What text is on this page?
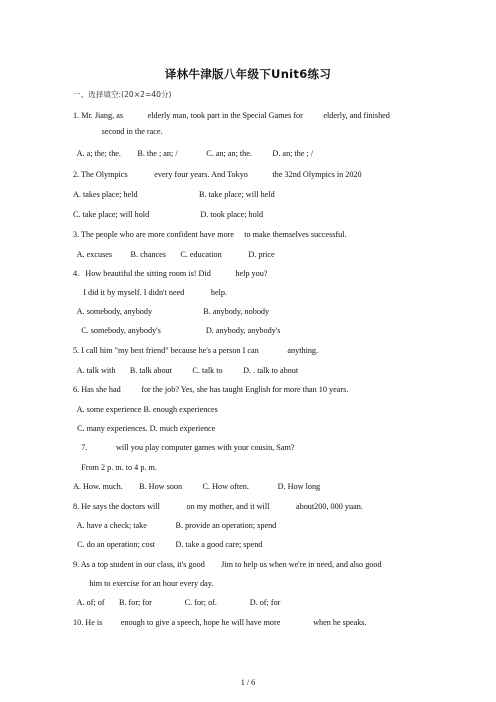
译林牛津版八年级下Unit6练习
一、选择填空:(20×2=40分)
1. Mr. Jiang, as            elderly man, took part in the Special Games for          elderly, and finished
second in the race.
A. a; the; the.        B. the ; an; /              C. an; an; the.          D. an; the ; /
2. The Olympics             every four years. And Tokyo            the 32nd Olympics in 2020
A. takes place; held                              B. take place; will held
C. take place; will hold                         D. took place; hold
3. The people who are more confident have more     to make themselves successful.
A. excuses         B. chances       C. education             D. price
4.   How beautiful the sitting room is! Did            help you?
I did it by myself. I didn't need             help.
A. somebody, anybody                         B. anybody, nobody
C. somebody, anybody's                      D. anybody, anybody's
5. I call him "my best friend" because he's a person I can              anything.
A. talk with       B. talk about          C. talk to          D. . talk to about
6. Has she had          for the job? Yes, she has taught English for more than 10 years.
A. some experience B. enough experiences
C. many experiences. D. much experience
7.              will you play computer games with your cousin, Sam?
From 2 p. m. to 4 p. m.
A. How. much.        B. How soon          C. How often.              D. How long
8. He says the doctors will             on my mother, and it will             about200, 000 yuan.
A. have a check; take              B. provide an operation; spend
C. do an operation; cost          D. take a good care; spend
9. As a top student in our class, it's good        Jim to help us when we're in need, and also good
him to exercise for an hour every day.
A. of; of       B. for; for                C. for; of.                D. of; for
10. He is         enough to give a speech, hope he will have more                when he speaks.
1 / 6
